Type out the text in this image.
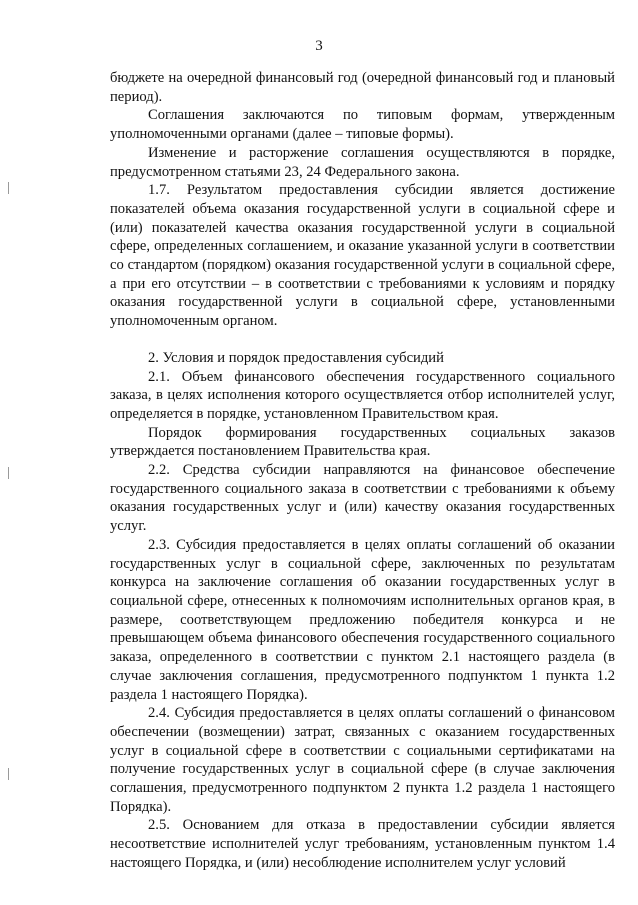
3

бюджете на очередной финансовый год (очередной финансовый год и плановый период).

Соглашения заключаются по типовым формам, утвержденным уполномоченными органами (далее – типовые формы).

Изменение и расторжение соглашения осуществляются в порядке, предусмотренном статьями 23, 24 Федерального закона.

1.7. Результатом предоставления субсидии является достижение показателей объема оказания государственной услуги в социальной сфере и (или) показателей качества оказания государственной услуги в социальной сфере, определенных соглашением, и оказание указанной услуги в соответствии со стандартом (порядком) оказания государственной услуги в социальной сфере, а при его отсутствии – в соответствии с требованиями к условиям и порядку оказания государственной услуги в социальной сфере, установленными уполномоченным органом.

2. Условия и порядок предоставления субсидий

2.1. Объем финансового обеспечения государственного социального заказа, в целях исполнения которого осуществляется отбор исполнителей услуг, определяется в порядке, установленном Правительством края.

Порядок формирования государственных социальных заказов утверждается постановлением Правительства края.

2.2. Средства субсидии направляются на финансовое обеспечение государственного социального заказа в соответствии с требованиями к объему оказания государственных услуг и (или) качеству оказания государственных услуг.

2.3. Субсидия предоставляется в целях оплаты соглашений об оказании государственных услуг в социальной сфере, заключенных по результатам конкурса на заключение соглашения об оказании государственных услуг в социальной сфере, отнесенных к полномочиям исполнительных органов края, в размере, соответствующем предложению победителя конкурса и не превышающем объема финансового обеспечения государственного социального заказа, определенного в соответствии с пунктом 2.1 настоящего раздела (в случае заключения соглашения, предусмотренного подпунктом 1 пункта 1.2 раздела 1 настоящего Порядка).

2.4. Субсидия предоставляется в целях оплаты соглашений о финансовом обеспечении (возмещении) затрат, связанных с оказанием государственных услуг в социальной сфере в соответствии с социальными сертификатами на получение государственных услуг в социальной сфере (в случае заключения соглашения, предусмотренного подпунктом 2 пункта 1.2 раздела 1 настоящего Порядка).

2.5. Основанием для отказа в предоставлении субсидии является несоответствие исполнителей услуг требованиям, установленным пунктом 1.4 настоящего Порядка, и (или) несоблюдение исполнителем услуг условий
